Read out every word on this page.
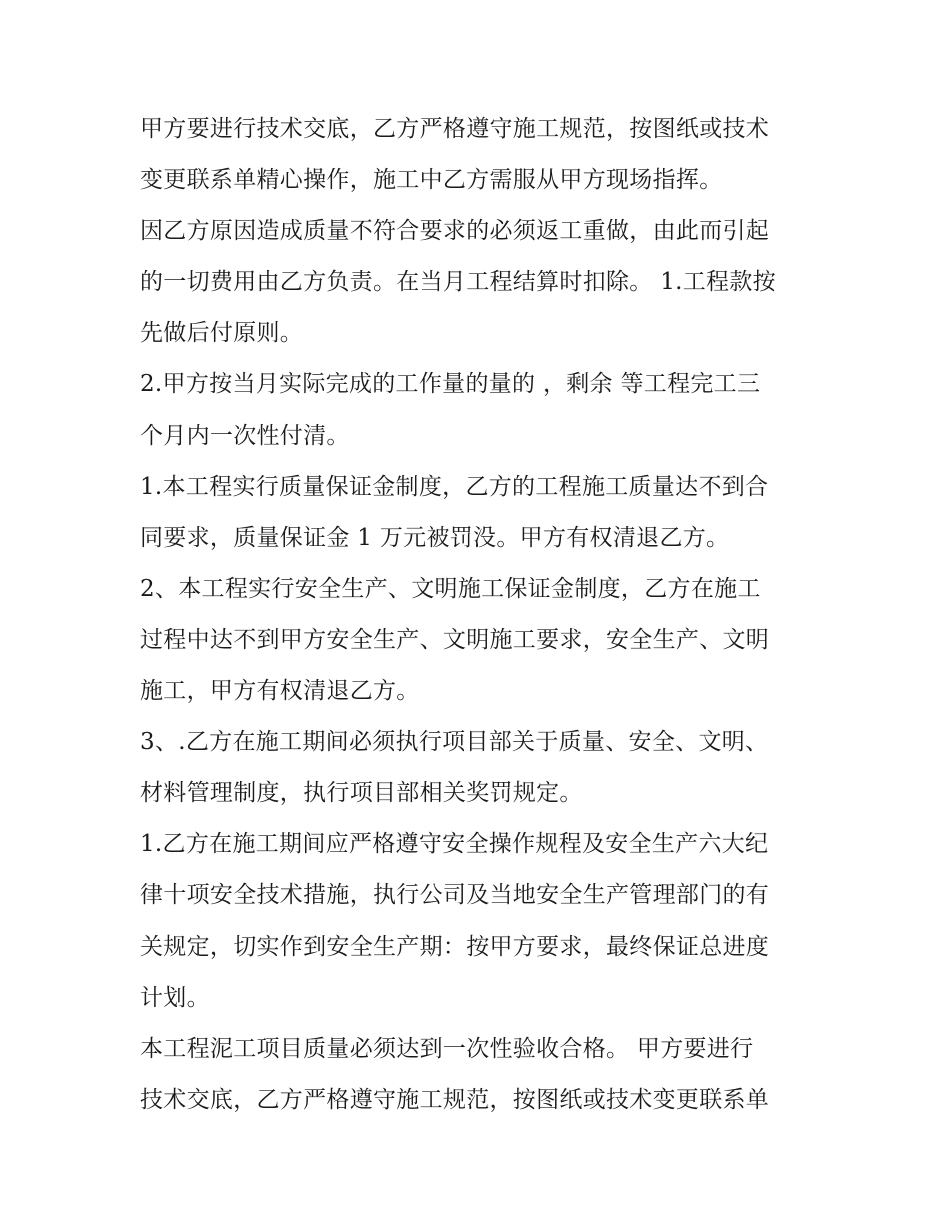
甲方要进行技术交底，乙方严格遵守施工规范，按图纸或技术
变更联系单精心操作，施工中乙方需服从甲方现场指挥。
因乙方原因造成质量不符合要求的必须返工重做，由此而引起
的一切费用由乙方负责。在当月工程结算时扣除。 1.工程款按
先做后付原则。
2.甲方按当月实际完成的工作量的量的 ，剩余 等工程完工三
个月内一次性付清。
1.本工程实行质量保证金制度，乙方的工程施工质量达不到合
同要求，质量保证金 1 万元被罚没。甲方有权清退乙方。
2、本工程实行安全生产、文明施工保证金制度，乙方在施工
过程中达不到甲方安全生产、文明施工要求，安全生产、文明
施工，甲方有权清退乙方。
3、.乙方在施工期间必须执行项目部关于质量、安全、文明、
材料管理制度，执行项目部相关奖罚规定。
1.乙方在施工期间应严格遵守安全操作规程及安全生产六大纪
律十项安全技术措施，执行公司及当地安全生产管理部门的有
关规定，切实作到安全生产期：按甲方要求，最终保证总进度
计划。
本工程泥工项目质量必须达到一次性验收合格。 甲方要进行
技术交底，乙方严格遵守施工规范，按图纸或技术变更联系单
